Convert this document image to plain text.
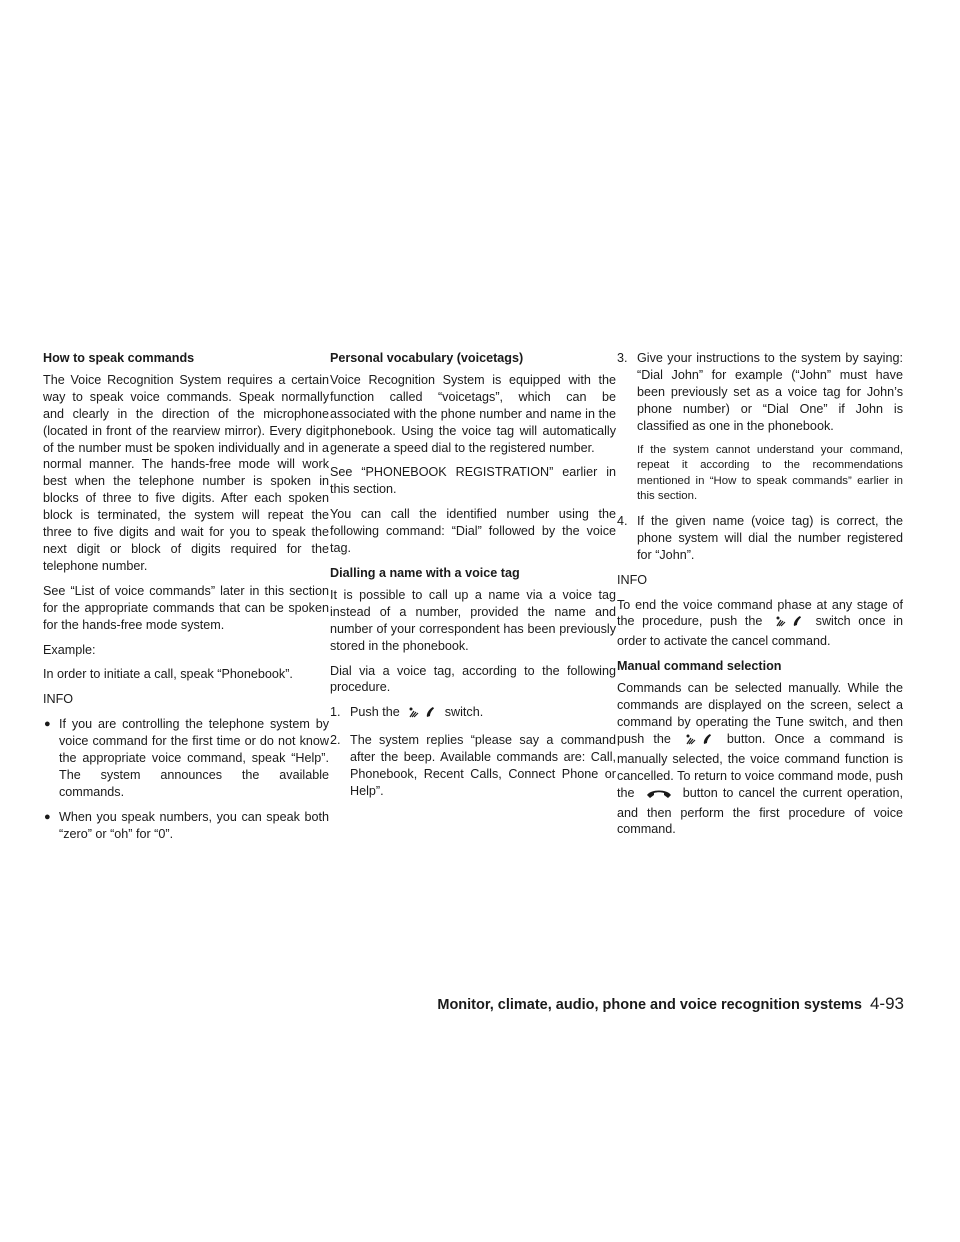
How to speak commands

The Voice Recognition System requires a certain way to speak voice commands. Speak normally and clearly in the direction of the microphone (located in front of the rearview mirror). Every digit of the number must be spoken individually and in a normal manner. The hands-free mode will work best when the telephone number is spoken in blocks of three to five digits. After each spoken block is terminated, the system will repeat the three to five digits and wait for you to speak the next digit or block of digits required for the telephone number.

See “List of voice commands” later in this section for the appropriate commands that can be spoken for the hands-free mode system.

Example:

In order to initiate a call, speak “Phonebook”.

INFO

● If you are controlling the telephone system by voice command for the first time or do not know the appropriate voice command, speak “Help”. The system announces the available commands.
● When you speak numbers, you can speak both “zero” or “oh” for “0”.
Personal vocabulary (voicetags)

Voice Recognition System is equipped with the function called “voicetags”, which can be associated with the phone number and name in the phonebook. Using the voice tag will automatically generate a speed dial to the registered number.

See “PHONEBOOK REGISTRATION” earlier in this section.

You can call the identified number using the following command: “Dial” followed by the voice tag.

Dialling a name with a voice tag

It is possible to call up a name via a voice tag instead of a number, provided the name and number of your correspondent has been previously stored in the phonebook.

Dial via a voice tag, according to the following procedure.

1. Push the	switch.
2. The system replies “please say a command after the beep. Available commands are: Call, Phonebook, Recent Calls, Connect Phone or Help”.
3. Give your instructions to the system by saying: “Dial John” for example (“John” must have been previously set as a voice tag for John’s phone number) or “Dial One” if John is classified as one in the phonebook.

If the system cannot understand your command, repeat it according to the recommendations mentioned in “How to speak commands” earlier in this section.

4. If the given name (voice tag) is correct, the phone system will dial the number registered for “John”.

INFO

To end the voice command phase at any stage of the procedure, push the	switch once in order to activate the cancel command.

Manual command selection

Commands can be selected manually. While the commands are displayed on the screen, select a command by operating the Tune switch, and then push the	button. Once a command is manually selected, the voice command function is cancelled. To return to voice command mode, push the	button to cancel the current operation, and then perform the first procedure of voice command.

Monitor, climate, audio, phone and voice recognition systems 4-93
